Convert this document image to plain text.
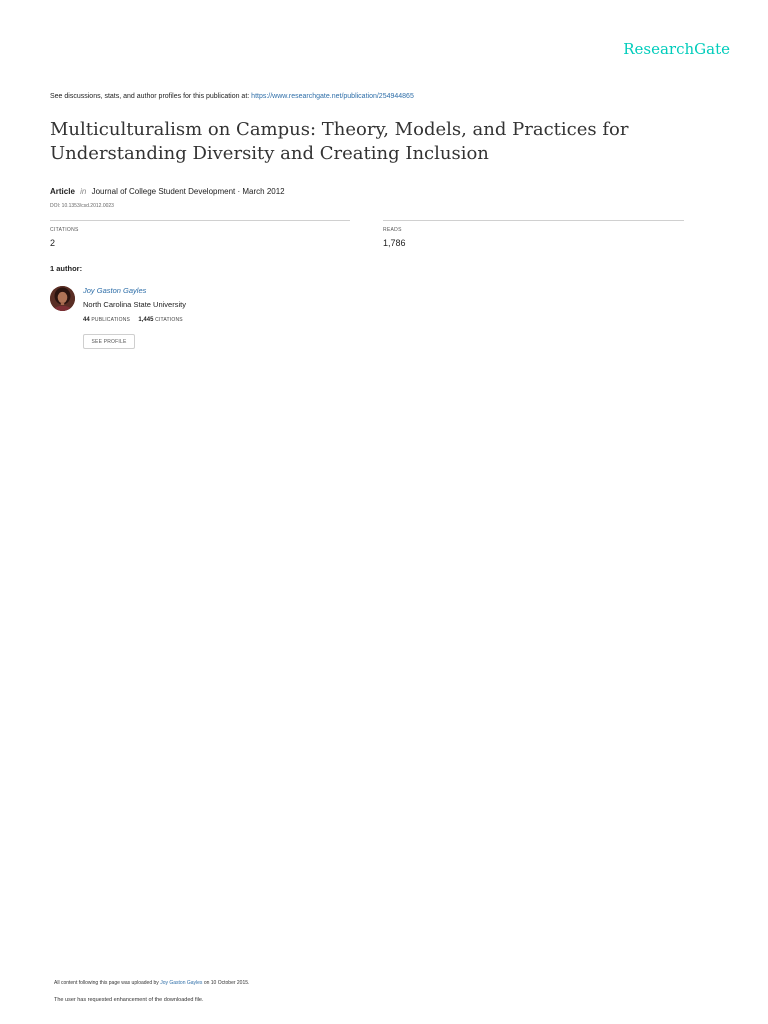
ResearchGate
See discussions, stats, and author profiles for this publication at: https://www.researchgate.net/publication/254944865
Multiculturalism on Campus: Theory, Models, and Practices for Understanding Diversity and Creating Inclusion
Article in Journal of College Student Development · March 2012
DOI: 10.1353/csd.2012.0023
CITATIONS
2
READS
1,786
1 author:
Joy Gaston Gayles
North Carolina State University
44 PUBLICATIONS 1,445 CITATIONS
SEE PROFILE
All content following this page was uploaded by Joy Gaston Gayles on 10 October 2015.
The user has requested enhancement of the downloaded file.
